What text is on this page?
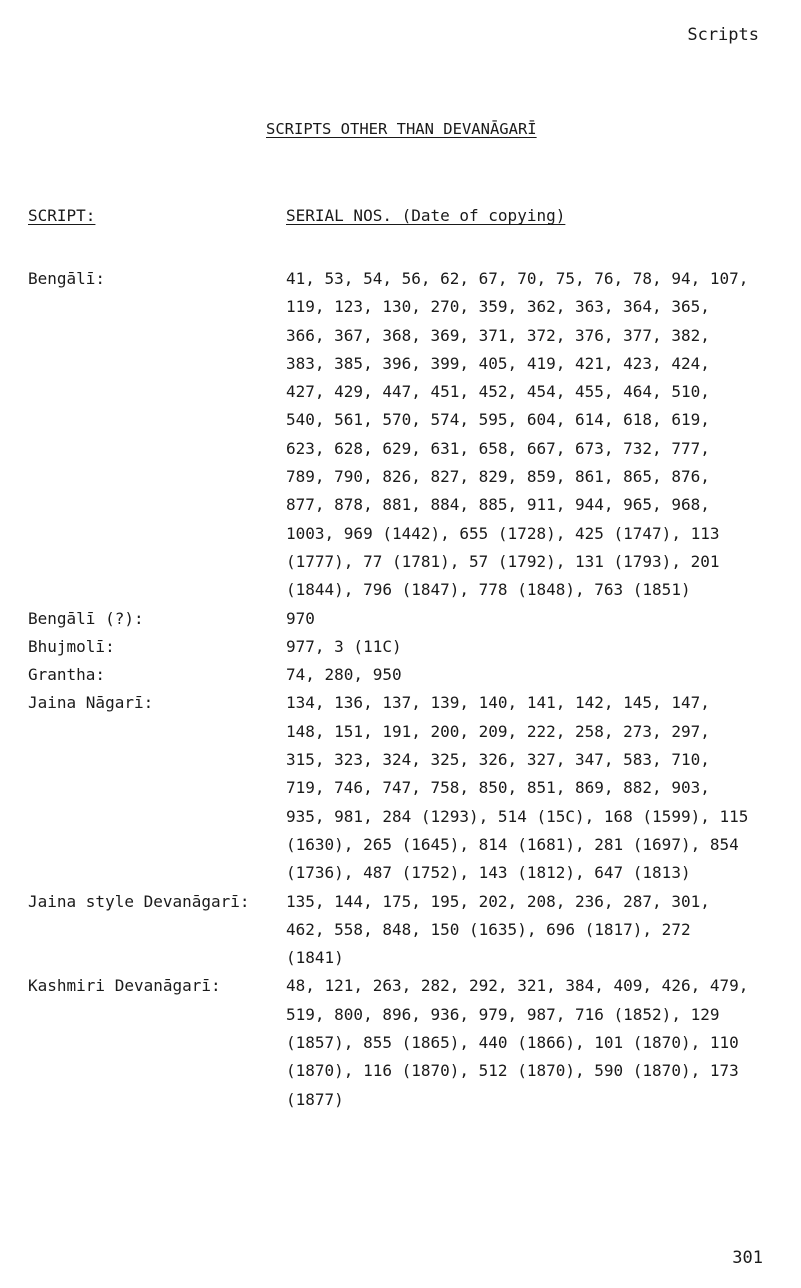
Scripts
SCRIPTS OTHER THAN DEVANĀGARĪ
SCRIPT:	SERIAL NOS. (Date of copying)
Bengālī:	41, 53, 54, 56, 62, 67, 70, 75, 76, 78, 94, 107,
119, 123, 130, 270, 359, 362, 363, 364, 365,
366, 367, 368, 369, 371, 372, 376, 377, 382,
383, 385, 396, 399, 405, 419, 421, 423, 424,
427, 429, 447, 451, 452, 454, 455, 464, 510,
540, 561, 570, 574, 595, 604, 614, 618, 619,
623, 628, 629, 631, 658, 667, 673, 732, 777,
789, 790, 826, 827, 829, 859, 861, 865, 876,
877, 878, 881, 884, 885, 911, 944, 965, 968,
1003, 969 (1442), 655 (1728), 425 (1747), 113
(1777), 77 (1781), 57 (1792), 131 (1793), 201
(1844), 796 (1847), 778 (1848), 763 (1851)
Bengālī (?):	970
Bhujmolī:	977, 3 (11C)
Grantha:	74, 280, 950
Jaina Nāgarī:	134, 136, 137, 139, 140, 141, 142, 145, 147,
148, 151, 191, 200, 209, 222, 258, 273, 297,
315, 323, 324, 325, 326, 327, 347, 583, 710,
719, 746, 747, 758, 850, 851, 869, 882, 903,
935, 981, 284 (1293), 514 (15C), 168 (1599), 115
(1630), 265 (1645), 814 (1681), 281 (1697), 854
(1736), 487 (1752), 143 (1812), 647 (1813)
Jaina style Devanāgarī: 135, 144, 175, 195, 202, 208, 236, 287, 301,
462, 558, 848, 150 (1635), 696 (1817), 272
(1841)
Kashmiri Devanāgarī:	48, 121, 263, 282, 292, 321, 384, 409, 426, 479,
519, 800, 896, 936, 979, 987, 716 (1852), 129
(1857), 855 (1865), 440 (1866), 101 (1870), 110
(1870), 116 (1870), 512 (1870), 590 (1870), 173
(1877)
301
